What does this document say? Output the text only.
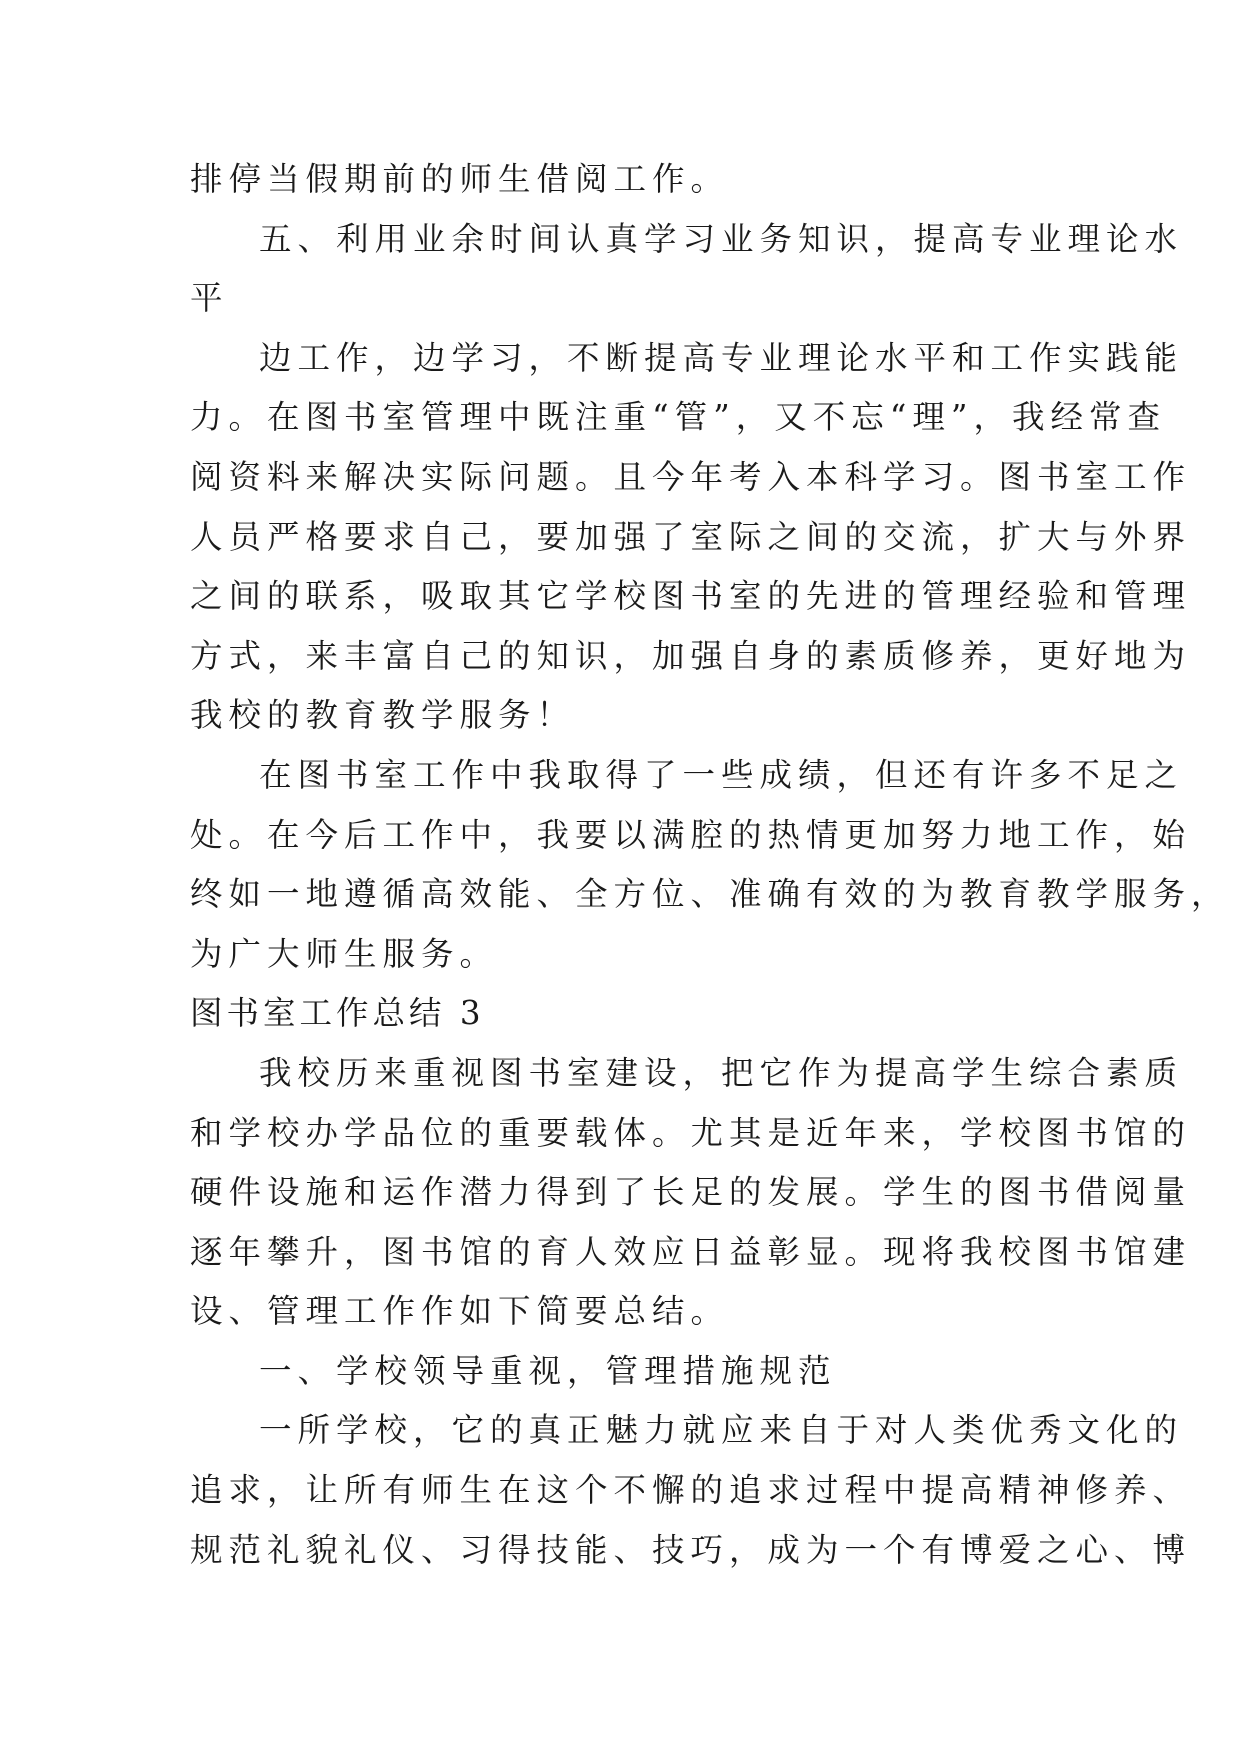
排停当假期前的师生借阅工作。
五、利用业余时间认真学习业务知识，提高专业理论水
平
边工作，边学习，不断提高专业理论水平和工作实践能
力。在图书室管理中既注重“管”，又不忘“理”，我经常查
阅资料来解决实际问题。且今年考入本科学习。图书室工作
人员严格要求自己，要加强了室际之间的交流，扩大与外界
之间的联系，吸取其它学校图书室的先进的管理经验和管理
方式，来丰富自己的知识，加强自身的素质修养，更好地为
我校的教育教学服务！
在图书室工作中我取得了一些成绩，但还有许多不足之
处。在今后工作中，我要以满腔的热情更加努力地工作，始
终如一地遵循高效能、全方位、准确有效的为教育教学服务，
为广大师生服务。
图书室工作总结 3
我校历来重视图书室建设，把它作为提高学生综合素质
和学校办学品位的重要载体。尤其是近年来，学校图书馆的
硬件设施和运作潜力得到了长足的发展。学生的图书借阅量
逐年攀升，图书馆的育人效应日益彰显。现将我校图书馆建
设、管理工作作如下简要总结。
一、学校领导重视，管理措施规范
一所学校，它的真正魅力就应来自于对人类优秀文化的
追求，让所有师生在这个不懈的追求过程中提高精神修养、
规范礼貌礼仪、习得技能、技巧，成为一个有博爱之心、博
